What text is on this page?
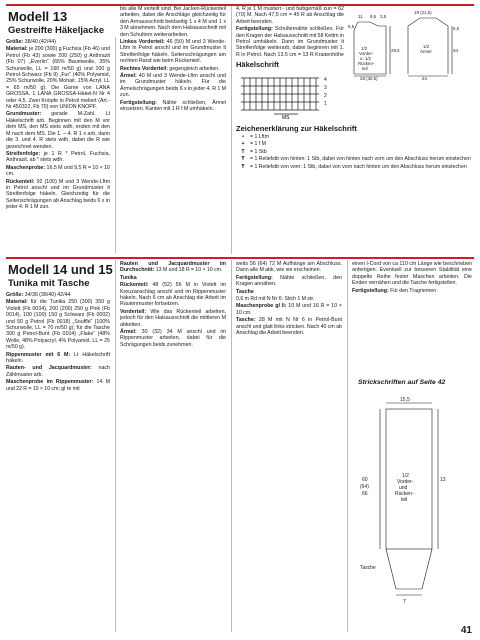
Modell 13
Gestreifte Häkeljacke

Größe: 38/40 (42/44)

Material: je 200 (300) g Fuchsia (Fb 46) und Petrol (Fb 43) sowie 200 (250) g Anthrazit (Fb 07) „Everlin“ (65% Baumwolle, 35% Schurwolle, LL = 160 m/50 g) und 100 g Petrol-Schwarz (Fb 9) „Fur“ (40% Polyamid, 25% Schurwolle, 20% Mohair, 15% Acryl, LL = 65 m/50 g). Die Garne von LANA GROSSA. 1 LANA GROSSA-Häkel-N Nr 4 oder 4,5. Zwei Knöpfe in Petrol meliert (Art.-Nr 450322, Fb 70) von UNION KNOPF.

Grundmuster: gerade M-Zahl. Lt Häkelschrift arb. Beginnen mit den M vor dem MS, den MS stets wdh, enden mit den M nach dem MS. Die 1. – 4. R 1 x arb, dann die 3. und 4. R stets wdh, dabei die R wie gezeichnet wenden.

Streifenfolge: je 1 R * Petrol, Fuchsia, Anthrazit, ab * stets wdh.

Maschenprobe: 16,5 M und 9,5 R = 10 × 10 cm.

Rückenteil: 92 (100) M und 3 Wende-Lftm in Petrol anschl und im Grundmuster lt Streifenfolge häkeln. Gleichzeitig für die Seitenschrägungen ab Anschlag beids 6 x in jeder 4. R 1 M zun.

bis alle M verteilt sind. Bei Jacken-Rückenteil arbeiten, dabei die Anschläge gleichzeitig für den Armausschnitt beidseitig 1 x 4 M und 1 x 3 M abnehmen. Nach dem Halsausschnitt mit den Schultern weiterarbeiten.

Linkes Vorderteil: 46 (50) M und 3 Wende-Lftm in Petrol anschl und im Grundmuster lt Streifenfolge häkeln. Seitenschrägungen am rechten Rand wie beim Rückenteil.

Rechtes Vorderteil: gegengleich arbeiten.

Ärmel: 40 M und 3 Wende-Lftm anschl und im Grundmuster häkeln. Für die Ärmelschrägungen beids 6 x in jeder 4. R 1 M zun.

Fertigstellung: Nähte schließen, Ärmel einsetzen. Kanten mit 1 R f M umhäkeln.

4. R je 1 M musterr.- und farbgemäß zun = 62 (70) M. Nach 47,5 cm = 45 R ab Anschlag die Arbeit beenden.

Fertigstellung: Schulternähte schließen. Für den Kragen der Halsausschnitt mit 58 Kettm in Petrol umhäkeln. Dann im Grundmuster lt Streifenfolge weiterarb, dabei beginnen mit 1. R in Petrol. Nach 13,5 cm = 13 R Kragenhöhe

1/2
Vorder-
u. 1/2
Rücken-
teil
1/2
Ärmel
11 9,5 3,5
29,5	34
28 (30,5)	24
19 (21,5)
6,5
6,5
Häkelschrift
MS
4
3
2
1
Zeichenerklärung zur Häkelschrift
•	= 1 Lftm
+	= 1 f M
T	= 1 Stb
Ŧ	= 1 Reliefstb von hinten: 1 Stb, dabei von hinten nach vorn um den Abschluss herum einstechen
Ŧ	= 1 Reliefstb von vorn: 1 Stb, dabei von vorn nach hinten um den Abschluss herum einstechen
Modell 14 und 15
Tunika mit Tasche

Größe: 34/36 (38/40) 42/44

Material: für die Tunika 250 (300) 350 g Violett (Fb 0034), 200 (200) 250 g Pink (Fb 0014), 100 (100) 150 g Schwarz (Fb 0002) und 50 g Petrol (Fb 0018) „Soufflé“ (100% Schurwolle, LL = 70 m/50 g); für die Tasche 300 g Petrol-Bunt (Fb 0104) „Flake“ (48% Wolle, 48% Polyacryl, 4% Polyamid, LL = 25 m/50 g).

Rippenmuster mit 6 M: Lt Häkelschrift häkeln.

Rauten- und Jacquardmuster: nach Zählmuster arb.

Maschenprobe im Rippenmuster: 14 M und 22 R = 10 × 10 cm; gl re mit

Rauten und Jacquardmuster im Durchschnitt: 13 M und 18 R = 10 × 10 cm.

Tunika

Rückenteil: 48 (52) 56 M in Violett im Kreuzanschlag anschl und im Rippenmuster häkeln. Nach 6 cm ab Anschlag die Arbeit im Rautenmuster fortsetzen.

Vorderteil: Wie das Rückenteil arbeiten, jedoch für den Halsausschnitt die mittleren M abketten.

Ärmel: 30 (32) 34 M anschl und im Rippenmuster arbeiten, dabei für die Schrägungen beids zunehmen.

weits 56 (64) 72 M Aufhänge am Abschluss. Dann alle M abk, wie sie erscheinen.

Fertigstellung: Nähte schließen, den Kragen annähen.

Tasche

0,6 m Rd mit N Nr 6: Stich 1 M str.

Maschenprobe gl li: 10 M und 16 R = 10 × 10 cm.

Tasche: 28 M mit N Nr 6 in Petrol-Bunt anschl und glatt links stricken. Nach 40 cm ab Anschlag die Arbeit beenden.

einen I-Cord von ca 110 cm Länge wie beschrieben anfertigen. Eventuell zur besseren Stabilität eine doppelte Reihe fester Maschen arbeiten. Die Enden vernähen und die Tasche fertigstellen.

Fertigstellung: Für den Tragriemen

Strickschriften auf Seite 42
1/2
Vorder-
und
Rücken-
teil
60
(64)
66
13
15,5
7
Tasche
41
